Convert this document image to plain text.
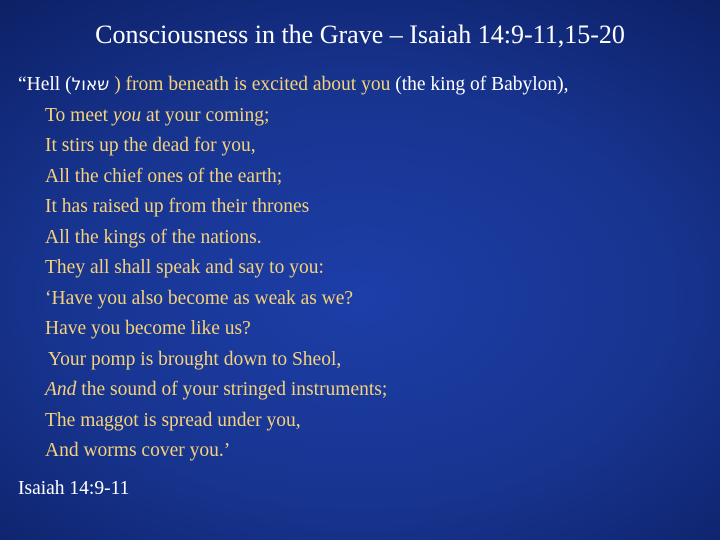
Consciousness in the Grave – Isaiah 14:9-11,15-20
“Hell (שאול ) from beneath is excited about you (the king of Babylon),
To meet you at your coming;
It stirs up the dead for you,
All the chief ones of the earth;
It has raised up from their thrones
All the kings of the nations.
They all shall speak and say to you:
‘Have you also become as weak as we?
Have you become like us?
Your pomp is brought down to Sheol,
And the sound of your stringed instruments;
The maggot is spread under you,
And worms cover you.’
Isaiah 14:9-11
